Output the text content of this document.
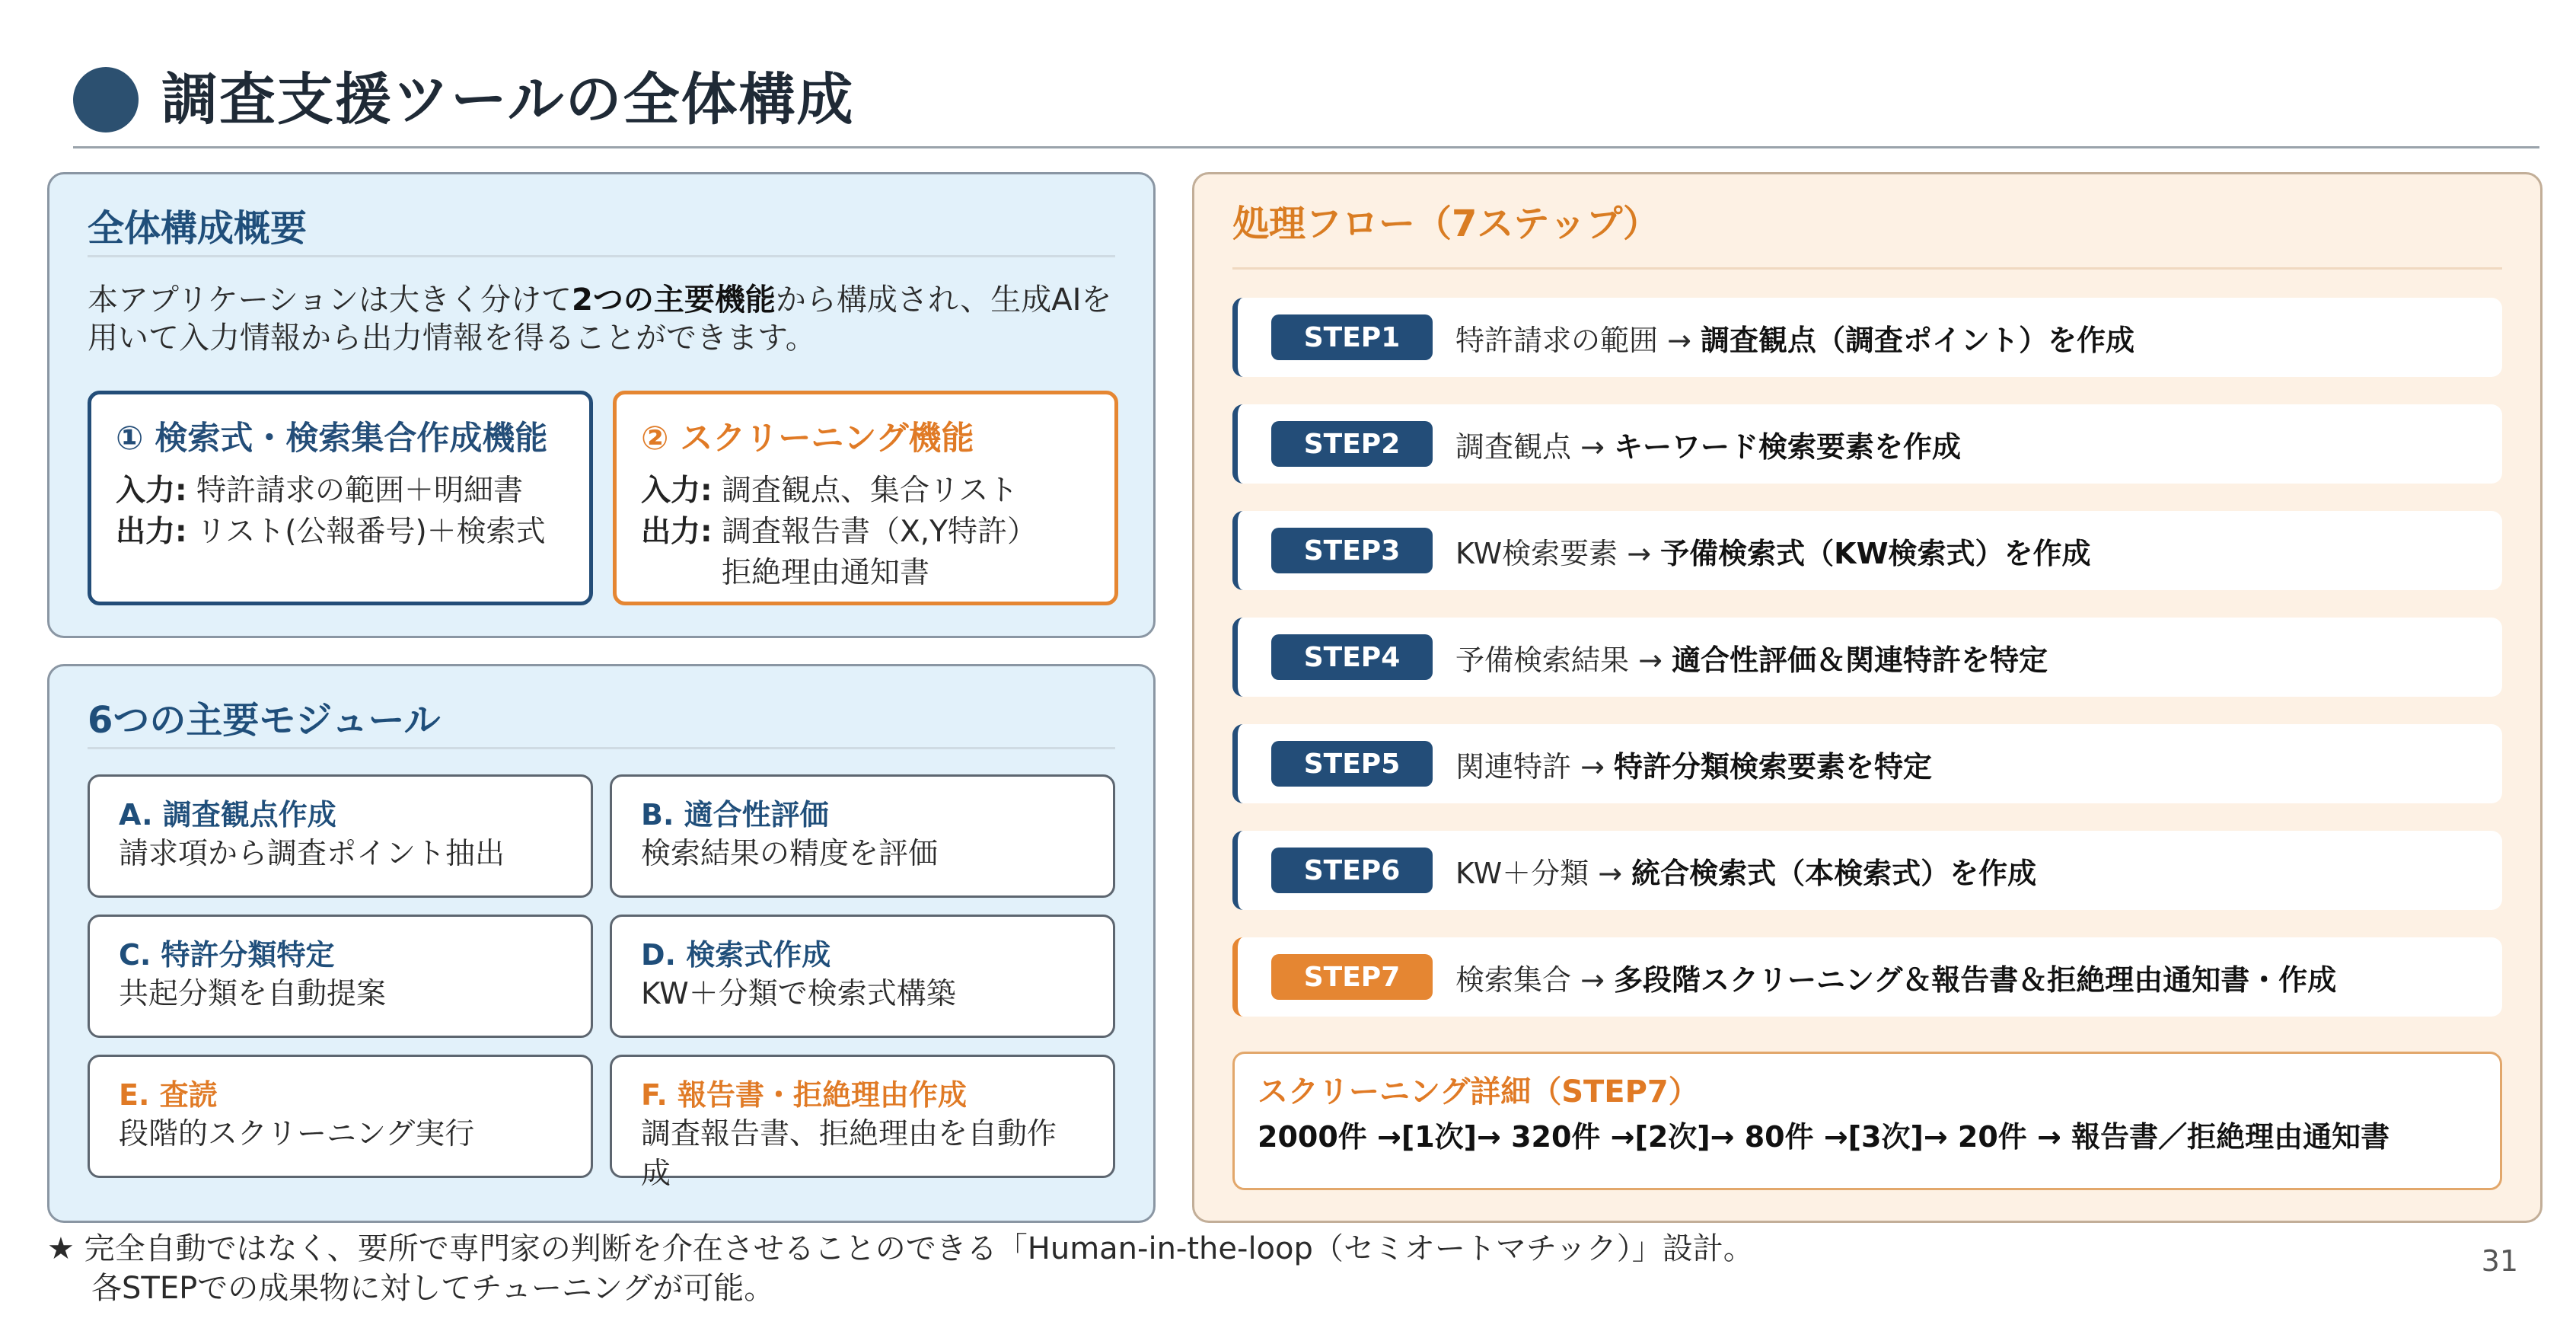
調査支援ツールの全体構成
全体構成概要
本アプリケーションは大きく分けて2つの主要機能から構成され、生成AIを用いて入力情報から出力情報を得ることができます。
① 検索式・検索集合作成機能
入力:
特許請求の範囲＋明細書
出力:
リスト(公報番号)＋検索式
② スクリーニング機能
入力:
調査観点、集合リスト
出力:
調査報告書（X,Y特許）
拒絶理由通知書
6つの主要モジュール
A. 調査観点作成
請求項から調査ポイント抽出
B. 適合性評価
検索結果の精度を評価
C. 特許分類特定
共起分類を自動提案
D. 検索式作成
KW＋分類で検索式構築
E. 査読
段階的スクリーニング実行
F. 報告書・拒絶理由作成
調査報告書、拒絶理由を自動作成
処理フロー（7ステップ）
STEP1	特許請求の範囲 → 調査観点（調査ポイント）を作成
STEP2	調査観点 → キーワード検索要素を作成
STEP3	KW検索要素 → 予備検索式（KW検索式）を作成
STEP4	予備検索結果 → 適合性評価＆関連特許を特定
STEP5	関連特許 → 特許分類検索要素を特定
STEP6	KW＋分類 → 統合検索式（本検索式）を作成
STEP7	検索集合 → 多段階スクリーニング＆報告書＆拒絶理由通知書・作成
スクリーニング詳細（STEP7）
2000件 →[1次]→ 320件 →[2次]→ 80件 →[3次]→ 20件 → 報告書／拒絶理由通知書
★ 完全自動ではなく、要所で専門家の判断を介在させることのできる「Human-in-the-loop（セミオートマチック）」設計。
各STEPでの成果物に対してチューニングが可能。
31
